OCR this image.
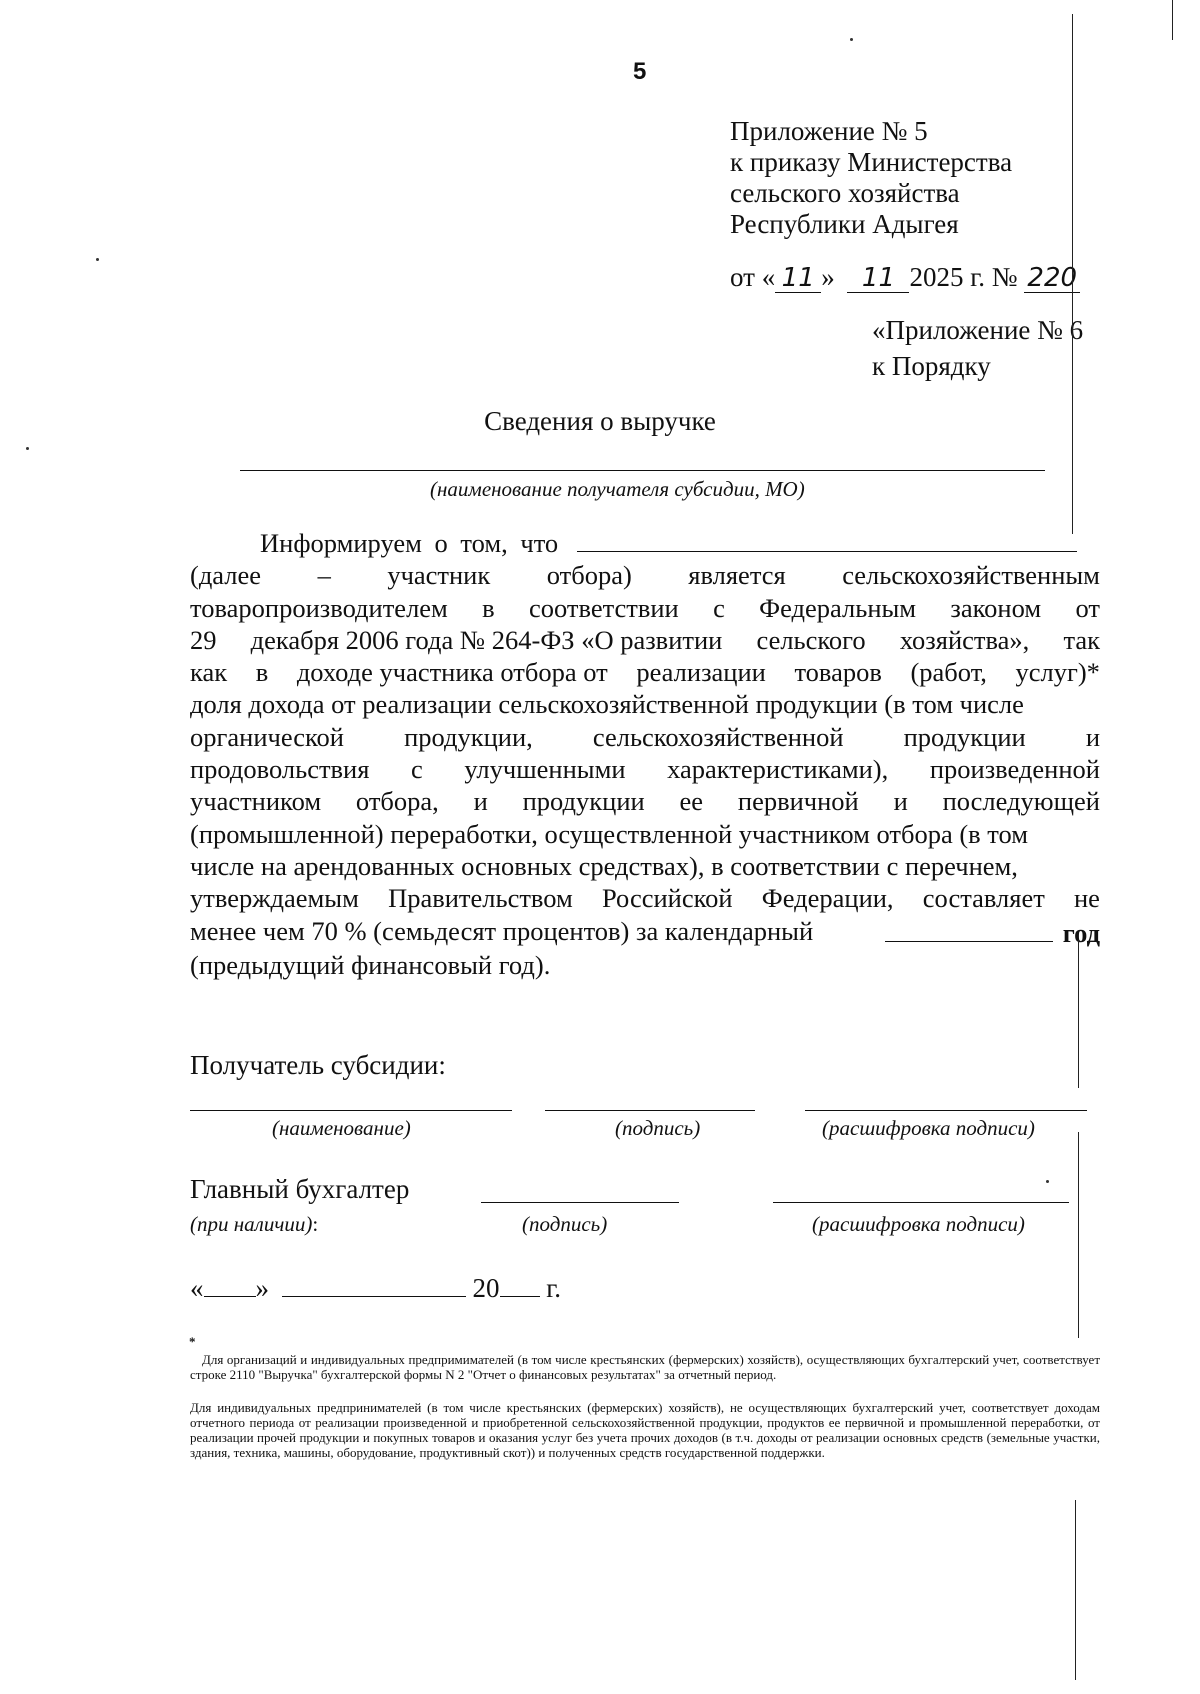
5
Приложение № 5
к приказу Министерства
сельского хозяйства
Республики Адыгея
от « 11 » 11 2025 г. № 220
«Приложение № 6
к Порядку
Сведения о выручке
(наименование получателя субсидии, МО)
Информируем о том, что
(далее – участник отбора) является сельскохозяйственным
товаропроизводителем в соответствии с Федеральным законом от
29 декабря 2006 года № 264-ФЗ «О развитии сельского хозяйства», так
как в доходе участника отбора от реализации товаров (работ, услуг)*
доля дохода от реализации сельскохозяйственной продукции (в том числе
органической продукции, сельскохозяйственной продукции и
продовольствия с улучшенными характеристиками), произведенной
участником отбора, и продукции ее первичной и последующей
(промышленной) переработки, осуществленной участником отбора (в том
числе на арендованных основных средствах), в соответствии с перечнем,
утверждаемым Правительством Российской Федерации, составляет не
менее чем 70 % (семьдесят процентов) за календарный	год
(предыдущий финансовый год).
Получатель субсидии:
(наименование)	(подпись)	(расшифровка подписи)
Главный бухгалтер
(при наличии):	(подпись)	(расшифровка подписи)
« »	20 г.
*
Для организаций и индивидуальных предпримимателей (в том числе крестьянских (фермерских) хозяйств), осуществляющих бухгалтерский учет, соответствует строке 2110 "Выручка" бухгалтерской формы N 2 "Отчет о финансовых результатах" за отчетный период.
Для индивидуальных предпринимателей (в том числе крестьянских (фермерских) хозяйств), не осуществляющих бухгалтерский учет, соответствует доходам отчетного периода от реализации произведенной и приобретенной сельскохозяйственной продукции, продуктов ее первичной и промышленной переработки, от реализации прочей продукции и покупных товаров и оказания услуг без учета прочих доходов (в т.ч. доходы от реализации основных средств (земельные участки, здания, техника, машины, оборудование, продуктивный скот)) и полученных средств государственной поддержки.
